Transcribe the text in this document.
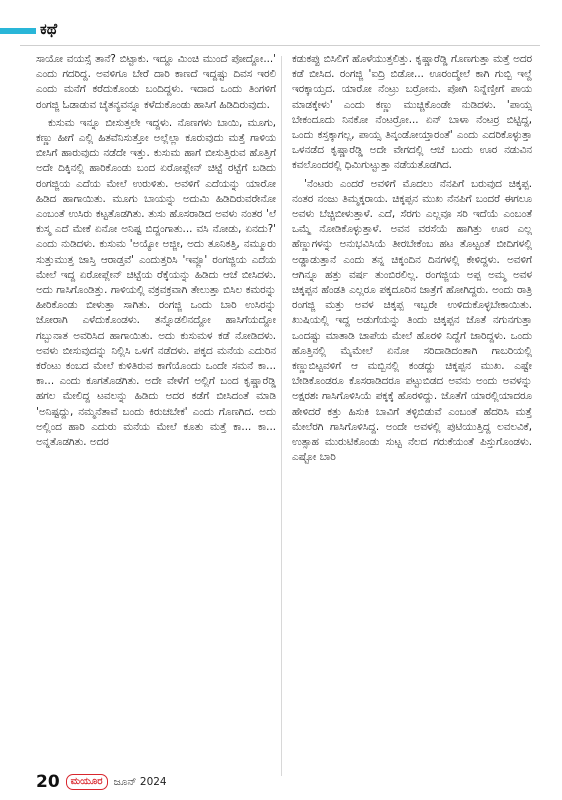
ಕಥೆ

ಸಾಯೋ ವಯಸ್ಸೆ ತಾನೆ? ಬಿಟ್ಟಾಕು. ಇದ್ದೂ ಮಿಂಚಿ ಮುಂದೆ ಪೋದ್ದೋ...' ಎಂದು ಗದರಿದ್ದ. ಅವಳಿಗೂ ಬೇರೆ ದಾರಿ ಕಾಣದೆ ಇದ್ದಷ್ಟು ದಿವಸ ಇರಲಿ ಎಂದು ಮನೆಗೆ ಕರೆದುಕೊಂಡು ಬಂದಿದ್ದಳು. ಇದಾದ ಒಂದು ತಿಂಗಳಿಗೆ ರಂಗಜ್ಜಿ ಓಡಾಡುವ ಚೈತನ್ಯವನ್ನೂ ಕಳೆದುಕೊಂಡು ಹಾಸಿಗೆ ಹಿಡಿದಿರುವುದು.

ಕುಸುಮ ಇನ್ನೂ ಬೀಸುತ್ತಲೇ ಇದ್ದಳು. ನೊಣಗಳು ಬಾಯಿ, ಮೂಗು, ಕಣ್ಣು ಹೀಗೆ ಎಲ್ಲಿ ಹಿತವೆನಿಸುತ್ತೋ ಅಲ್ಲೆಲ್ಲಾ ಕೂರುವುದು ಮತ್ತೆ ಗಾಳಿಯ ಬೀಸಿಗೆ ಹಾರುವುದು ನಡೆದೇ ಇತ್ತು. ಕುಸುಮ ಹಾಗೆ ಬೀಸುತ್ತಿರುವ ಹೊತ್ತಿಗೆ ಅದೇ ದಿಕ್ಕಿನಲ್ಲಿ ಹಾರಿಕೊಂಡು ಬಂದ ಏರೋಪ್ಲೇನ್ ಚಿಟ್ಟೆ ರಟ್ಟೆಗೆ ಬಡಿದು ರಂಗಜ್ಜಿಯ ಎದೆಯ ಮೇಲೆ ಉರುಳಿತು. ಅವಳಿಗೆ ಎದೆಯನ್ನು ಯಾರೋ ಹಿಡಿದ ಹಾಗಾಯಿತು. ಮೂಗು ಬಾಯನ್ನು ಅದುಮಿ ಹಿಡಿದಿರುವರೇನೋ ಎಂಬಂತೆ ಉಸಿರು ಕಟ್ಟತೊಡಗಿತು. ತುಸು ಹೊಸರಾಡಿದ ಅವಳು ನಂತರ 'ಲೆ ಕುಸ್ಮ ಎದೆ ಮೇಕೆ ಏನೋ ಅನಿಷ್ಟ ಬಿದ್ದಂಗಾತು... ವಸಿ ನೋಡು, ಏನದು?' ಎಂದು ನುಡಿದಳು. ಕುಸುಮ 'ಅಯ್ಯೋ ಅಜ್ಜೀ, ಅದು ತೂನಿಕತ್ತಿ, ನಮ್ಮೂರು ಸುತ್ತುಮುತ್ತ ಜಾಸ್ತಿ ಆರಾಡ್ತವೆ' ಎಂದುತ್ತರಿಸಿ 'ಇವ್ಲೂ' ರಂಗಜ್ಜಿಯ ಎದೆಯ ಮೇಲೆ ಇದ್ದ ಏರೋಪ್ಲೇನ್ ಚಿಟ್ಟೆಯ ರೆಕ್ಕೆಯನ್ನು ಹಿಡಿದು ಆಚೆ ಬೀಸಿದಳು. ಅದು ಗಾಸಿಗೊಂಡಿತ್ತು. ಗಾಳಿಯಲ್ಲಿ ವಕ್ರವಕ್ರವಾಗಿ ತೇಲುತ್ತಾ ಬಿಸಿಲ ಕಮರನ್ನು ಹೀರಿಕೊಂಡು ಬೀಳುತ್ತಾ ಸಾಗಿತು. ರಂಗಜ್ಜಿ ಒಂದು ಬಾರಿ ಉಸಿರನ್ನು ಜೋರಾಗಿ ಎಳೆದುಕೊಂಡಳು. ತನ್ನೊಡಲಿನದ್ದೋ ಹಾಸಿಗೆಯದ್ದೋ ಗಬ್ಬುನಾತ ಅವರಿಸಿದ ಹಾಗಾಯಿತು. ಅದು ಕುಸುಮಳ ಕಡೆ ನೋಡಿದಳು. ಅವಳು ಬೀಸುವುದನ್ನು ನಿಲ್ಲಿಸಿ ಒಳಗೆ ನಡೆದಳು. ಪಕ್ಕದ ಮನೆಯ ಎದುರಿನ ಕರೆಂಟು ಕಂಬದ ಮೇಲೆ ಕುಳಿತಿರುವ ಕಾಗೆಯೊಂದು ಒಂದೇ ಸಮನೆ ಕಾ... ಕಾ... ಎಂದು ಕೂಗತೊಡಗಿತು. ಅದೇ ವೇಳೆಗೆ ಅಲ್ಲಿಗೆ ಬಂದ ಕೃಷ್ಣಾರೆಡ್ಡಿ ಹಗಲ ಮೇಲಿದ್ದ ಟವಲನ್ನು ಹಿಡಿದು ಅದರ ಕಡೆಗೆ ಬೀಸಿದಂತೆ ಮಾಡಿ 'ಅನಿಷ್ಟದ್ದು, ನಮ್ಮನೆತಾವೆ ಬಂದು ಕಿರುಚಬೇಕ' ಎಂದು ಗೊಣಗಿದ. ಅದು ಅಲ್ಲಿಂದ ಹಾರಿ ಎದುರು ಮನೆಯ ಮೇಲೆ ಕೂತು ಮತ್ತೆ ಕಾ... ಕಾ... ಅನ್ನತೊಡಗಿತು. ಅದರ

ಕಡುಕಪ್ಪು ಬಿಸಿಲಿಗೆ ಹೊಳೆಯುತ್ತಲಿತ್ತು. ಕೃಷ್ಣಾರೆಡ್ಡಿ ಗೊಣಗುತ್ತಾ ಮತ್ತೆ ಅದರ ಕಡೆ ಬೀಸಿದ. ರಂಗಜ್ಜಿ 'ಐದ್ರಿ ಬಿಡೋ... ಊರಂದ್ಮೇಲೆ ಕಾಗಿ ಗುಬ್ಬಿ ಇಲ್ದೆ ಇರಕ್ಕಾಯ್ತದ. ಯಾರೋ ನೆಂಟ್ರು ಬರ್‍ರೋನು. ಪೋಗಿ ನಿನ್ನೆಣ್ತೀಗೆ ಪಾಯ ಮಾಡಕ್ಕೇಳು' ಎಂದು ಕಣ್ಣು ಮುಚ್ಚಿಕೊಂಡೇ ನುಡಿದಳು. 'ಪಾಯ್ಸ ಬೇಕಂದೂದು ನಿನಕೋ ನೆಂಟರ್‍ರೋ... ಏನ್ ಬಾಳಾ ನೆಂಟರ್‍ರ ಬಿಟ್ಟಿದ್ದ, ಒಂದು ಕಸ್ತಕ್ಕಾಗಲ್ಲ, ಪಾಯ್ಸ ತಿನ್ಕಂಡೋಯ್ತಾರಂತೆ' ಎಂದು ಎದರಿಕೊಳ್ಳುತ್ತಾ ಒಳನಡೆದ ಕೃಷ್ಣಾರೆಡ್ಡಿ ಅದೇ ವೇಗದಲ್ಲಿ ಆಚೆ ಬಂದು ಊರ ನಡುವಿನ ಕವಲೊಂದರಲ್ಲಿ ಧಿಮಿಗುಟ್ಟುತ್ತಾ ನಡೆಯತೊಡಗಿದ.

'ನೆಂಟರು ಎಂದರೆ ಅವಳಿಗೆ ಮೊದಲು ನೆನಪಿಗೆ ಬರುವುದ ಚಿಕ್ಕಪ್ಪ. ನಂತರ ನಂಜು ತಿಮ್ಮಕ್ಕರಾಯ. ಚಿಕ್ಕಪ್ಪನ ಮುಖ ನೆನಪಿಗೆ ಬಂದರೆ ಈಗಲೂ ಅವಳು ಬೆಚ್ಚಿಬೀಳುತ್ತಾಳೆ. ಎದೆ, ಸೆರಗು ಎಲ್ಲವೂ ಸರಿ ಇದೆಯೆ ಎಂಬಂತೆ ಒಮ್ಮೆ ನೋಡಿಕೊಳ್ಳುತ್ತಾಳೆ. ಅವನ ವರಸೆಯೆ ಹಾಗಿತ್ತು ಊರ ಎಲ್ಲ ಹೆಣ್ಣುಗಳನ್ನು ಅನುಭವಿಸಿಯೆ ತೀರಬೇಕೆಂಬ ಹಟ ತೊಟ್ಟಂತೆ ಬೀದಿಗಳಲ್ಲಿ ಅಡ್ಡಾಡುತ್ತಾನೆ ಎಂದು ತನ್ನ ಚಿಕ್ಕಂದಿನ ದಿನಗಳಲ್ಲಿ ಕೇಳಿದ್ದಳು. ಅವಳಿಗೆ ಆಗಿನ್ನೂ ಹತ್ತು ವರ್ಷ ತುಂಬಿರಲಿಲ್ಲ. ರಂಗಜ್ಜಿಯ ಅಪ್ಪ ಅಮ್ಮ ಅವಳ ಚಿಕ್ಕಪ್ಪನ ಹೆಂಡತಿ ಎಲ್ಲರೂ ಪಕ್ಕದೂರಿನ ಜಾತ್ರೆಗೆ ಹೋಗಿದ್ದರು. ಅಂದು ರಾತ್ರಿ ರಂಗಜ್ಜಿ ಮತ್ತು ಅವಳ ಚಿಕ್ಕಪ್ಪ ಇಬ್ಬರೇ ಉಳಿದುಕೊಳ್ಳಬೇಕಾಯಿತು. ಖುಷಿಯಲ್ಲಿ ಇದ್ದ ಅಡುಗೆಯನ್ನು ತಿಂದು ಚಿಕ್ಕಪ್ಪನ ಜೊತೆ ನಗುನಗುತ್ತಾ ಒಂದಷ್ಟು ಮಾತಾಡಿ ಚಾಪೆಯ ಮೇಲೆ ಹೊರಳಿ ನಿದ್ದೆಗೆ ಜಾರಿದ್ದಳು. ಒಂದು ಹೊತ್ತಿನಲ್ಲಿ ಮೈಮೇಲೆ ಏನೋ ಸರಿದಾಡಿದಂತಾಗಿ ಗಾಬರಿಯಲ್ಲಿ ಕಣ್ಣುಬಿಟ್ಟವಳಿಗೆ ಆ ಮಬ್ಬಿನಲ್ಲಿ ಕಂಡದ್ದು ಚಿಕ್ಕಪ್ಪನ ಮುಖ. ಎಷ್ಟೇ ಬೇಡಿಕೊಂಡರೂ ಕೊಸರಾಡಿದರೂ ಪಟ್ಟುಬಿಡದ ಅವನು ಅಂದು ಅವಳನ್ನು ಅಕ್ಷರಶಃ ಗಾಸಿಗೊಳಿಸಿಯೆ ಪಕ್ಕಕ್ಕೆ ಹೊರಳಿದ್ದು. ಜೊತೆಗೆ ಯಾರಲ್ಲಿಯಾದರೂ ಹೇಳಿದರೆ ಕತ್ತು ಹಿಸುಕಿ ಬಾವಿಗೆ ತಳ್ಳಿಬಿಡುವೆ ಎಂಬಂತೆ ಹೆದರಿಸಿ ಮತ್ತೆ ಮೇಲೆರಗಿ ಗಾಸಿಗೊಳಿಸಿದ್ದ. ಅಂದೇ ಅವಳಲ್ಲಿ ಪುಟಿಯುತ್ತಿದ್ದ ಲವಲವಿಕೆ, ಉತ್ಸಾಹ ಮುರುಟಿಕೊಂಡು ಸುಟ್ಟ ನೆಲದ ಗರುಕೆಯಂತೆ ಪಿಸ್ತುಗೊಂಡಳು. ಎಷ್ಟೋ ಬಾರಿ

20	ಮಯೂರ	ಜೂನ್ 2024
